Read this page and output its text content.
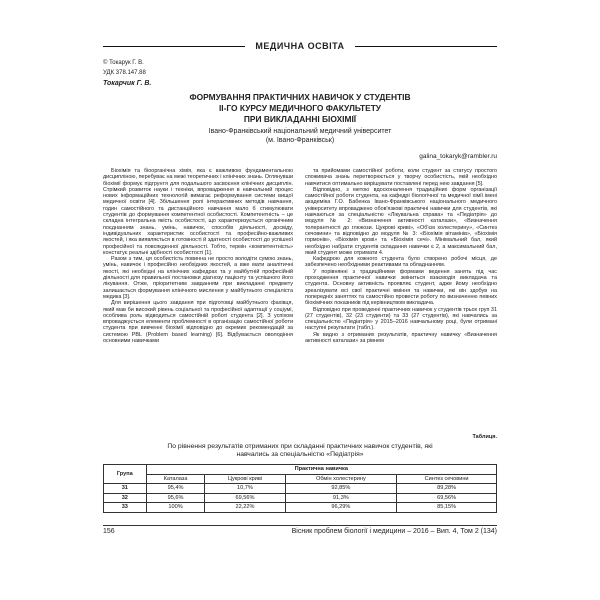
МЕДИЧНА ОСВІТА
© Токарук Г. В.
УДК 378.147.88
Токарчик Г. В.
ФОРМУВАННЯ ПРАКТИЧНИХ НАВИЧОК У СТУДЕНТІВ
ІІ-ГО КУРСУ МЕДИЧНОГО ФАКУЛЬТЕТУ
ПРИ ВИКЛАДАННІ БІОХІМІЇ
Івано-Франківський національний медичний університет
(м. Івано-Франківськ)
galina_tokaryk@rambler.ru

Біохімія та біоорганічна хімія, яка є важливою фундаментальною дисципліною, перебуває на межі теоретичних і клінічних знань. Оглянувши біохімії формує підгрунтя для подальшого засвоєння клінічних дисциплін. Стрімкий розвиток науки і техніки, впровадження в навчальний процес нових інформаційних технологій вимагає реформування системи вищої медичної освіти [4]. Збільшення ролі інтерактивних методів навчання, годин самостійного та дистанційного навчання мало б стимулювати студентів до формування компетентної особистості. Компетентність – це складна інтегральна якість особистості, що характеризується органічним поєднанням знань, умінь, навичок, способів діяльності, досвіду, індивідуальних характеристик особистості та професійно-важливих якостей, і яка виявляється в готовності й здатності особистості до успішної професійної та повсякденної діяльності. Тобто, термін «компетентність» констатує реальні здібності особистості [1].

Разом з тим, ця особистість повинна не просто володіти сумою знань, умінь, навичок і професійно необхідних якостей, а вже мати аналітичні якості, які необхідні на клінічних кафедрах та у майбутній професійній діяльності для правильної постановки діагнозу пацієнту та успішного його лікування. Отже, пріоритетним завданням при викладанні предмету залишається формування клінічного мислення у майбутнього спеціаліста медика [3].

Для вирішення цього завдання при підготовці майбутнього фахівця, який мав би високий рівень соціальної та професійної адаптації у соціумі, особлива роль відводиться самостійній роботі студента [2]. З успіхом впроваджується елементи проблемності в організацію самостійної роботи студента при вивченні біохімії відповідно до окремих рекомендацій за системою PBL (Problem based learning) [6]. Відбувається оволодіння основними навичками

та прийомами самостійної роботи, коли студент за статусу простого споживача знань перетворюється у творчу особистість, якій необхідно навчитися оптимально вирішувати поставлені перед нею завдання [5].

Відповідно, з метою вдосконалення традиційних форм організації самостійної роботи студента, на кафедрі біологічної та медичної хімії імені академіка Г.О. Бабенка Івано-Франківського національного медичного університету впроваджено обов'язкові практичні навички для студентів, які навчаються за спеціальністю «Лікувальна справа» та «Педіатрія» до модуля № 2: «Визначення активності каталази», «Визначення толерантності до глюкози. Цукрові криві», «Об'єм холестерину», «Синтез сечовини» та відповідно до модуля № 3: «Біохімія вітамінів», «Біохімія гормонів», «Біохімія крові» та «Біохімія сечі». Мінімальний бал, який необхідно набрати студентів складання навички є 2, а максимальний бал, який студент може отримати 4.

Кафедрою для кожного студента було створено робочі місця, де забезпечено необхідними реактивами та обладнанням.

У порівнянні з традиційними формами ведення занять під час проходження практичної навички зміниться взаємодія викладача та студента. Основну активність проявляє студент, адже йому необхідно зреалізувати всі свої практичні вміння та навички, які він здобув на попередніх заняттях та самостійно провести роботу по визначенню певних біохімічних показників під керівництвом викладача.

Відповідно при проведенні практичних навичок у студентів трьох груп 31 (27 студентів), 32 (23 студенти) та 33 (27 студентів), які навчались за спеціальністю «Педіатрія» у 2015–2016 навчальному році, були отримані наступні результати (табл.).

Як видно з отриманих результатів, практичну навичку «Визначення активності каталази» за рівнем

Таблиця.
По рівнення результатів отриманих при складанні практичних навичок студентів, які
навчались за спеціальністю «Педіатрія»
Група	Практична навичка			
	Каталаза	Цукрові криві	Обмін холестерину	Синтез сечовини
31	95,4%	10,7%	92,85%	89,28%
32	95,6%	69,56%	91,3%	69,56%
33	100%	22,22%	96,29%	85,15%
156	Вісник проблем біології і медицини – 2016 – Вип. 4, Том 2 (134)
